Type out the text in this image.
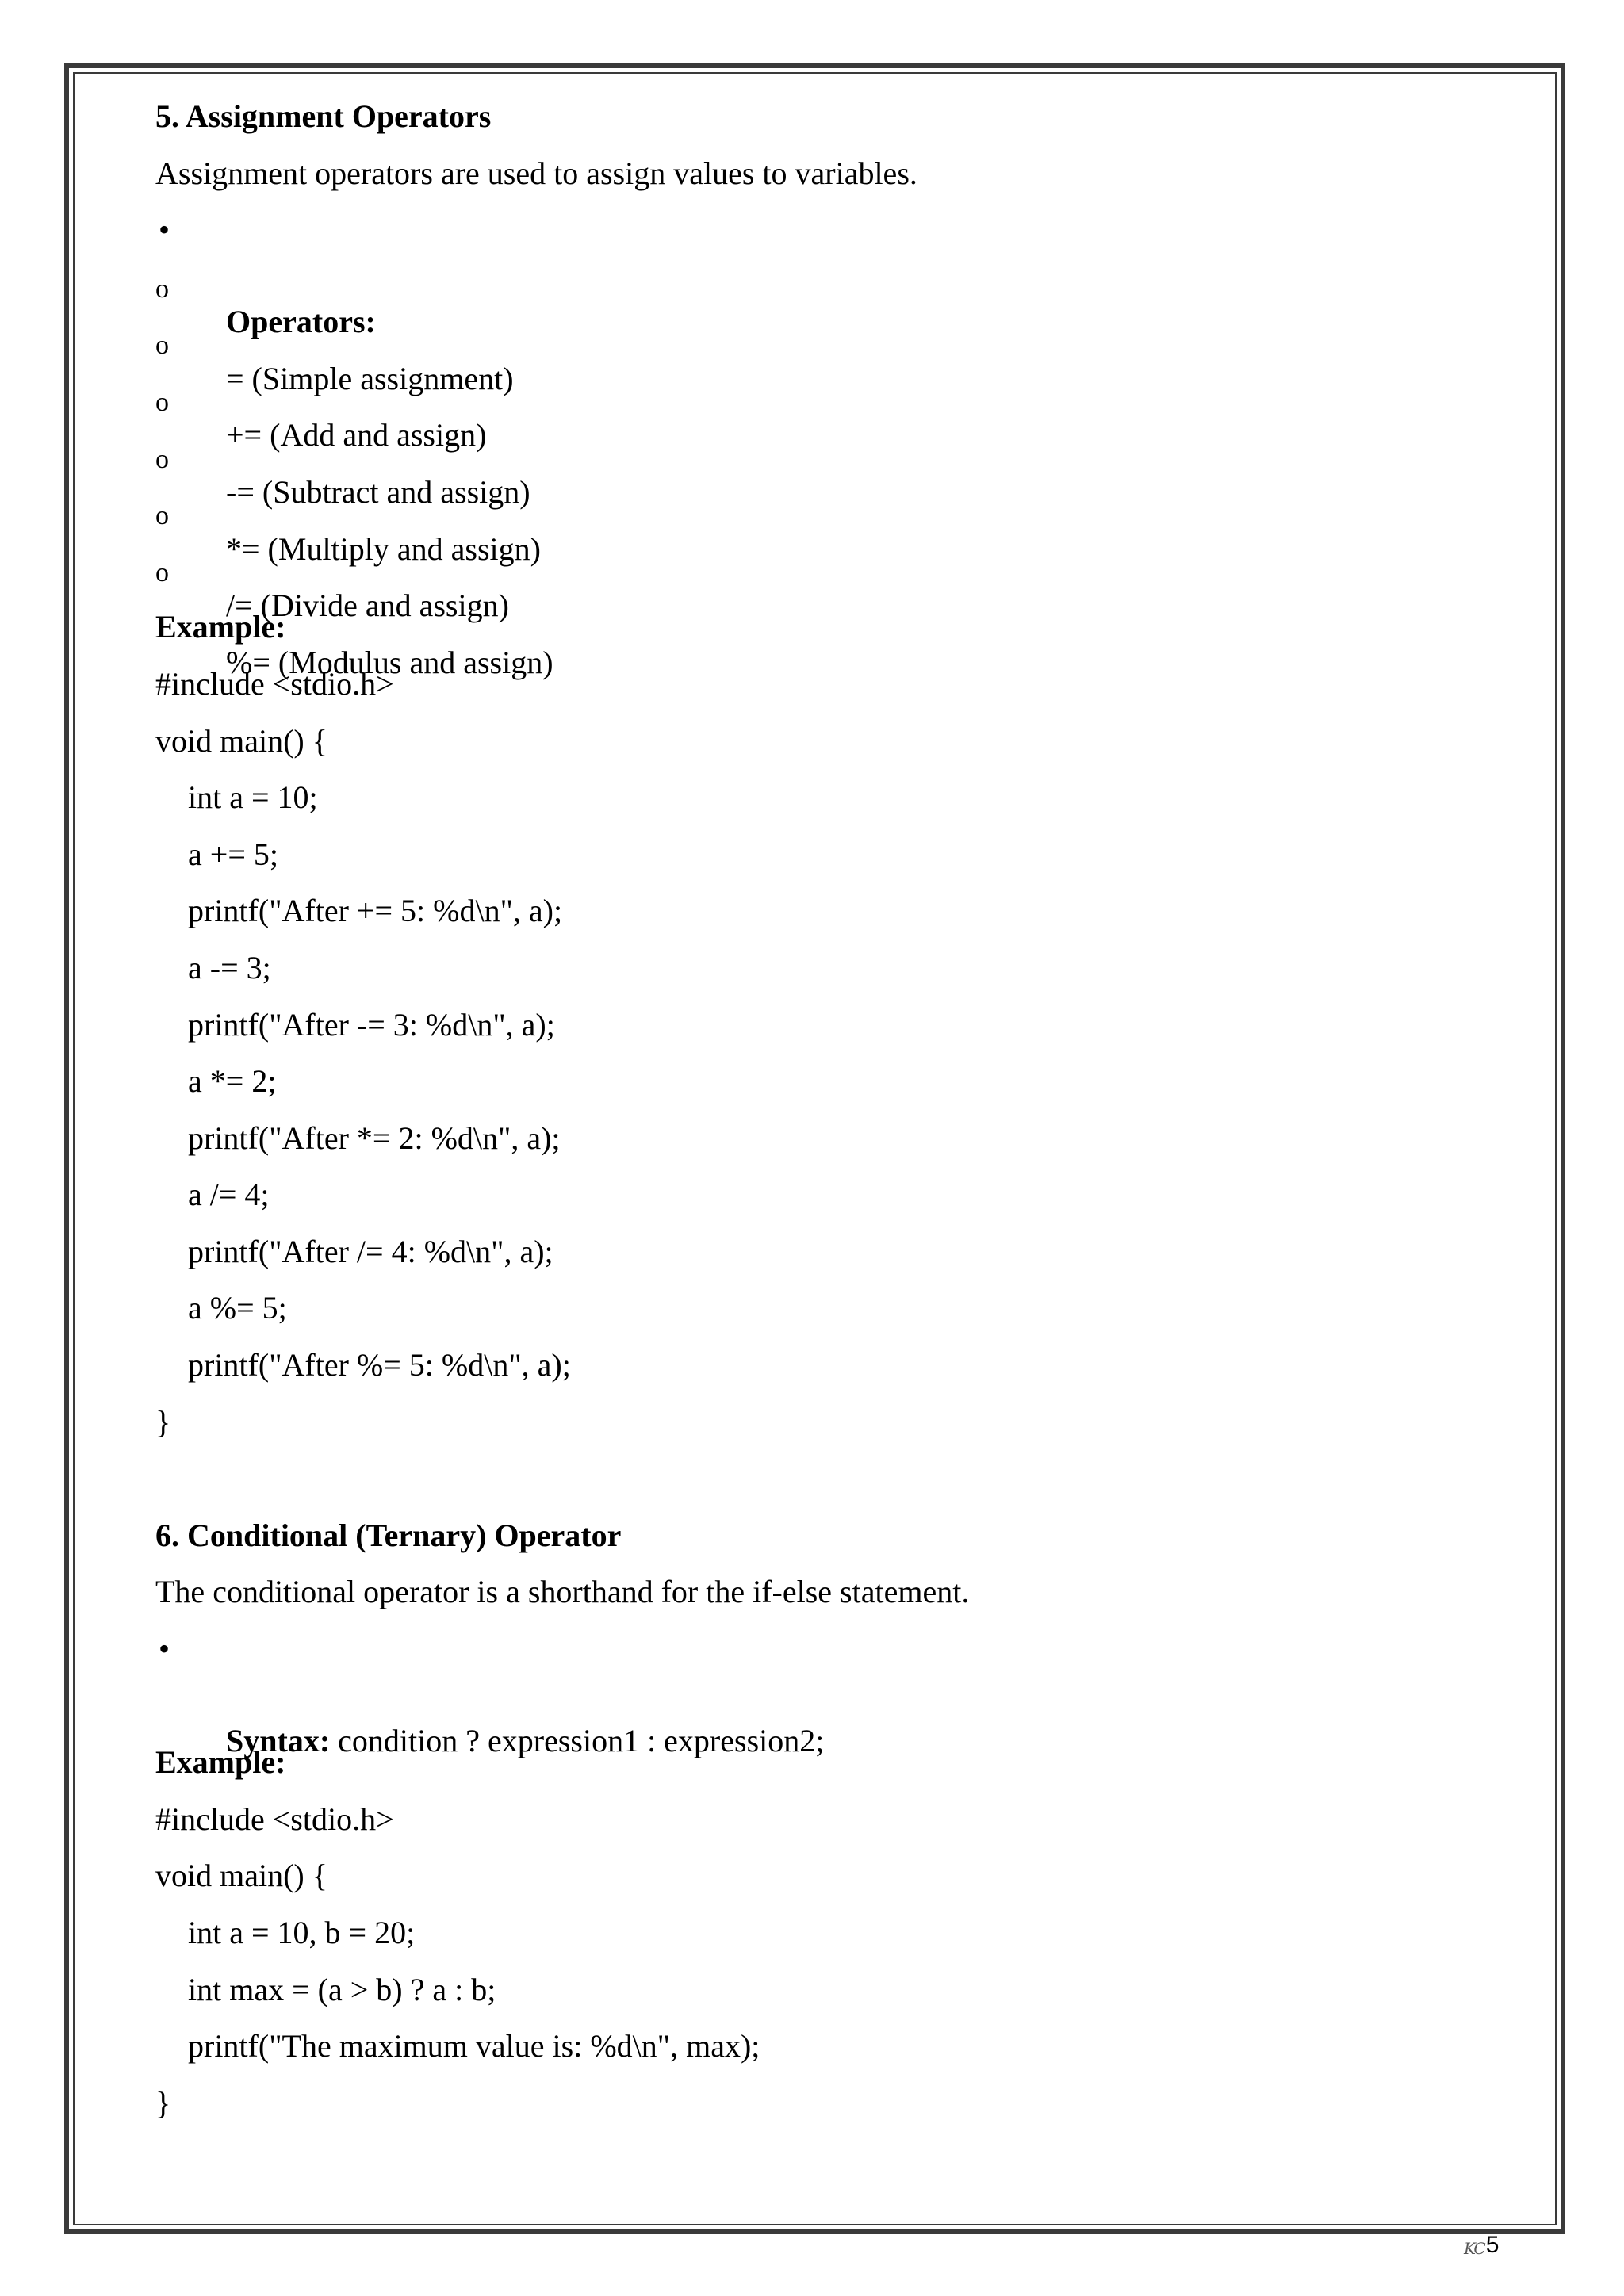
5. Assignment Operators
Assignment operators are used to assign values to variables.

•

Operators:

o

= (Simple assignment)

o

+= (Add and assign)

o

-= (Subtract and assign)

o

*= (Multiply and assign)

o

/= (Divide and assign)

o

%= (Modulus and assign)

Example:
#include <stdio.h>
void main() {
int a = 10;
a += 5;
printf("After += 5: %d\n", a);
a -= 3;
printf("After -= 3: %d\n", a);
a *= 2;
printf("After *= 2: %d\n", a);
a /= 4;
printf("After /= 4: %d\n", a);
a %= 5;
printf("After %= 5: %d\n", a);
}
6. Conditional (Ternary) Operator
The conditional operator is a shorthand for the if-else statement.

•

Syntax: condition ? expression1 : expression2;

Example:
#include <stdio.h>
void main() {
int a = 10, b = 20;
int max = (a > b) ? a : b;
printf("The maximum value is: %d\n", max);
}
KC 5
